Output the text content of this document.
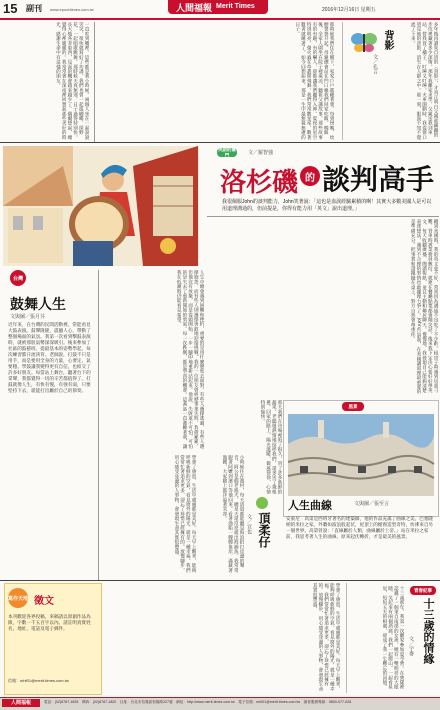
15 副刊 www.epochtimes.com.tw	人間福報 Merit Times	2016年12月16日 星期五
一直吃到嘴裡。這些都是我小時候。兩個人坐在一起說說笑笑，很快就寫好了功課。我們也曾一起捉蝴蝶、採野花，一起唱歌跳舞。那時候天真無邪，日子過得特別快。長大後各奔東西，見面的機會越來越少了。偶爾想起，總覺得心裡暖暖的。我常常會在深夜裡回想起那些美好的時光，感謝生命中有這樣的朋友。	那時候我們住在鄉下，家家戶戶都種著菜。每到傍晚，炊煙裊裊升起。母親總會站在門口喚我們回家吃飯。晚飯後，全家人圍坐在院子裡乘涼，聽祖父講故事。那些故事有的有趣，有的嚇人，卻都讓我們聽得入神。夏夜的星空特別明亮，螢火蟲在草叢間飛舞。我們常常數星星，數著數著就睡著了。如今回想起來，那是一生中最無憂無慮的日子。	多年後再讀朱自清的〈背影〉，才真正明白父親那蹣跚的步伐裡藏著多少深情。那年我離家求學，父親送我到車站，替我買了橘子，叮嚀又叮嚀。火車開動時，我從窗口望見他的背影，消失在人群之中。那一刻，眼淚不知不覺流了下來。
背影
文／孔言
英語的奮鬥	文／羅智強
洛杉磯 的 談判高手
我很佩服John的談判能力，John笑著說：「這也是血淚經驗累積的啊！其實大多數美國人是可以用道理溝通的，但前提是，你得有能力用「英文」說出道理。」
剛到美國時，我的英文並不好，常常因為溝通不良吃了不少虧。租房子時遇到房東刁難，買車時被業務員敷衍，就連在餐廳點菜都會鬧笑話。後來我下定決心要好好學英文，每天收聽廣播，閱讀報紙，並且主動和鄰居聊天。慢慢地，我發現自己能夠清楚表達想法，遇到不合理的事情也敢據理力爭了。John告訴我，在美國講道理最重要的是準備充分，把事實和證據擺在桌上，對方自然會尊重你。
台灣
鼓舞人生
文與圖／張月芬
近年來，在台灣的民間活動裡，常能看見大鼓表演。鼓聲隆隆，震撼人心，帶動了整個場面的氣氛。我第一次看到擊鼓表演時，就被那股氣勢深深吸引。後來參加了社區的鼓藝班，從最基本的姿勢學起，每次練習都汗流浹背。老師說，打鼓不只是用手，而是要用全身的力量，心要定，氣要穩。學鼓讓我變得更有自信，也結交了許多好朋友。每當站上舞台，聽著台下的掌聲，我都覺得一切的辛苦都值得了。打鼓就像人生，有快有慢，有強有弱，只要堅持下去，就能打出屬於自己的節奏。	人生中總會遇到困難和挫折，重要的是用什麼態度去面對。有些人選擇逃避，有些人選擇抱怨，而有些人則選擇勇敢地迎接挑戰。我的一位朋友曾經歷事業失敗，負債累累，但他沒有放棄，而是從頭開始，一步一腳印地重新站起來。他說，失敗並不可怕，可怕的是失去了重新開始的勇氣。每一次跌倒，都是學習的機會。這番話一直激勵著我，讓我在低潮時仍能看見希望。
頂柔仔
文／宜也
小時候住在漁村，每天清晨都能聽見海浪拍打岸邊的聲音。阿公是個老漁夫，總是天還沒亮就出海捕魚。我常常跟著阿嬤到港口等他回來。看著漁船一艘艘靠岸，滿載著漁獲，大家臉上都洋溢著笑容。
學會了感恩，生活中處處都是美好。每天早上醒來，能夠呼吸新鮮的空氣，看見窗外的陽光，就是一種幸福。我們常常忙著追求更多，卻忘了珍惜已經擁有的。放慢腳步，用心感受身邊的人事物，會發現生命其實很豐盛。
風景
人生曲線	文與圖／張至言
安東尼‧高第是西班牙著名的建築師，他的作品充滿了曲線之美。巴塞隆納的米拉之家，外牆如波浪般起伏，屋頂上的煙囪造型奇特，彷彿來自另一個世界。高第曾說：「直線屬於人類，曲線屬於上帝。」站在米拉之家前，我思考著人生的曲線，原來起伏轉折，才是最美的風景。
那天我們在市場裡逛了很久，買了許多新鮮的蔬果。老闆娘熱情地招呼我們，還多送了幾根蔥。回家的路上，陽光溫暖，微風徐徐，心情特別愉快。
寫作天地 徵文
本刊歡迎各界投稿，來稿請以原創作品為限，字數一千五百字以內。請註明真實姓名、地址、電話及電子郵件。
信箱：mhf01@merit-times.com.tw	學會了感恩，生活中處處都是美好。每天早上醒來，能夠呼吸新鮮的空氣，看見窗外的陽光，就是一種幸福。我們常常忙著追求更多，卻忘了珍惜已經擁有的。放慢腳步，用心感受身邊的人事物，會發現生命其實很豐盛。	青春紀事
十三歲的情緣
文／宇麥
十三歲那年，我第一次離家參加夏令營。在營隊裡認識了一個來自南部的女孩，她有一雙明亮的大眼睛，笑起來有兩個酒窩。我們一起爬山、一起看星星，短短五天的相處，卻成了我一生難忘的回憶。
人間福報	電話：(02)8787-1828　傳真：(02)8787-1820　社址：台北市信義區松隆路327號　網址：http://www.merit-times.com.tw　電子信箱：mhf01@merit-times.com.tw　讀者服務專線：0800-077-028
